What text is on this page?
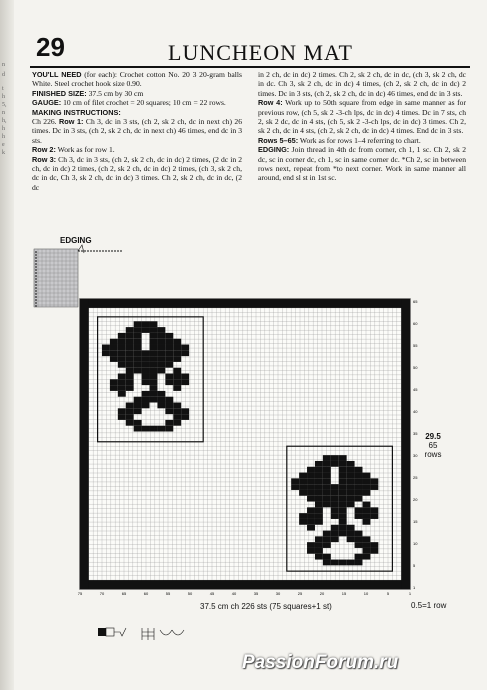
n
d
t
h
5,
n
h,
h
h
e
k
29	LUNCHEON MAT
YOU'LL NEED (for each): Crochet cotton No. 20 3 20-gram balls White. Steel crochet hook size 0.90.
FINISHED SIZE: 37.5 cm by 30 cm
GAUGE: 10 cm of filet crochet = 20 squares; 10 cm = 22 rows.
MAKING INSTRUCTIONS:
Ch 226. Row 1: Ch 3, dc in 3 sts, (ch 2, sk 2 ch, dc in next ch) 26 times. Dc in 3 sts, (ch 2, sk 2 ch, dc in next ch) 46 times, end dc in 3 sts.
Row 2: Work as for row 1.
Row 3: Ch 3, dc in 3 sts, (ch 2, sk 2 ch, dc in dc) 2 times, (2 dc in 2 ch, dc in dc) 2 times, (ch 2, sk 2 ch, dc in dc) 2 times, (ch 3, sk 2 ch, dc in dc, Ch 3, sk 2 ch, dc in dc) 3 times. Ch 2, sk 2 ch, dc in dc, (2 dc

in 2 ch, dc in dc) 2 times. Ch 2, sk 2 ch, dc in dc, (ch 3, sk 2 ch, dc in dc. Ch 3, sk 2 ch, dc in dc) 4 times, (ch 2, sk 2 ch, dc in dc) 2 times. Dc in 3 sts, (ch 2, sk 2 ch, dc in dc) 46 times, end dc in 3 sts.
Row 4: Work up to 50th square from edge in same manner as for previous row, (ch 5, sk 2 -3-ch lps, dc in dc) 4 times. Dc in 7 sts, ch 2, sk 2 dc, dc in 4 sts, (ch 5, sk 2 -3-ch lps, dc in dc) 3 times. Ch 2, sk 2 ch, dc in 4 sts, (ch 2, sk 2 ch, dc in dc) 4 times. End dc in 3 sts.
Rows 5–65: Work as for rows 1–4 referring to chart.
EDGING: Join thread in 4th dc from corner, ch 1, 1 sc. Ch 2, sk 2 dc, sc in corner dc, ch 1, sc in same corner dc. *Ch 2, sc in between rows next, repeat from *to next corner. Work in same manner all around, end sl st in 1st sc.

EDGING
75	70	65	60	55	50	45	40	35	30	25	20	15	10	5	1
65
60
55
50
45
40
35
30
25
20
15
10
5
1
29.5
65
rows
37.5 cm ch 226 sts (75 squares+1 st)	0.5=1 row
PassionForum.ru
